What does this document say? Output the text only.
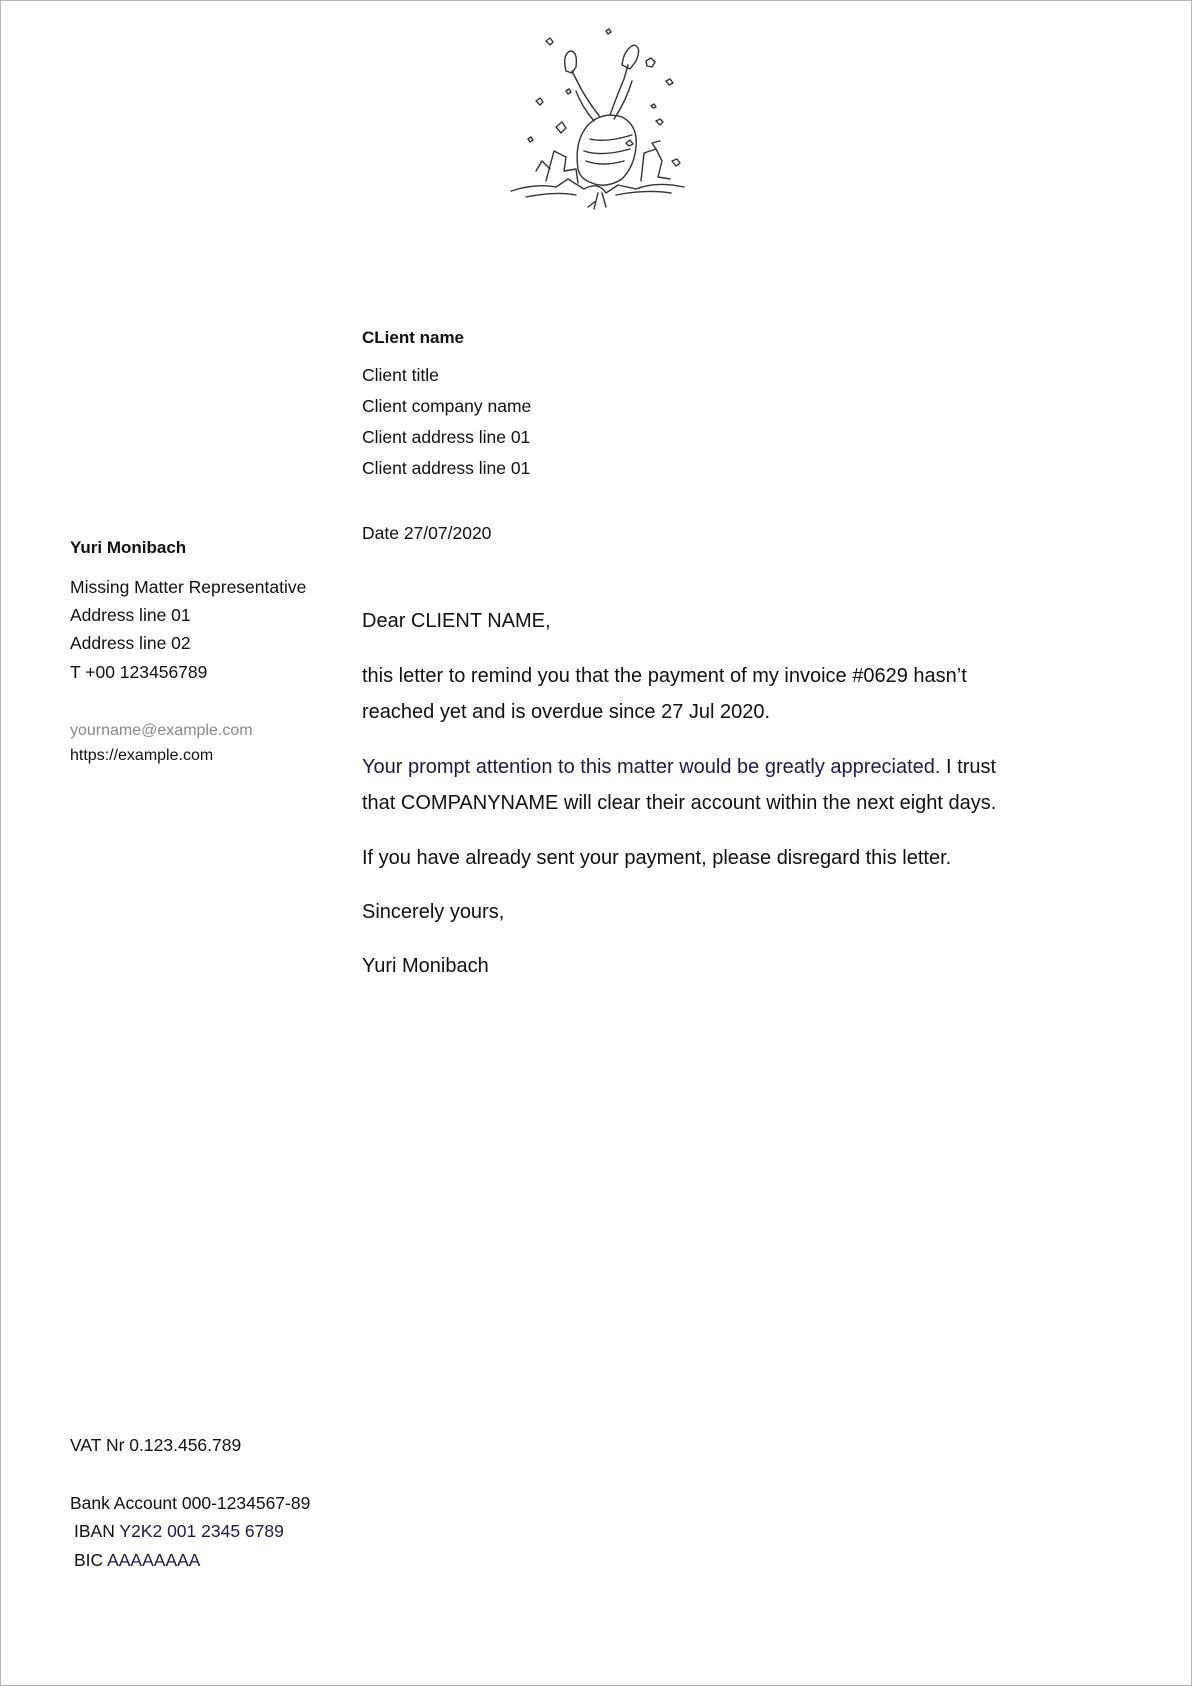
CLient name
Client title
Client company name
Client address line 01
Client address line 01
Date 27/07/2020
Yuri Monibach
Missing Matter Representative
Address line 01
Address line 02
T +00 123456789
yourname@example.com
https://example.com
Dear CLIENT NAME,
this letter to remind you that the payment of my invoice #0629 hasn’t
reached yet and is overdue since 27 Jul 2020.
Your prompt attention to this matter would be greatly appreciated. I trust
that COMPANYNAME will clear their account within the next eight days.
If you have already sent your payment, please disregard this letter.
Sincerely yours,
Yuri Monibach
VAT Nr 0.123.456.789
Bank Account 000-1234567-89
IBAN Y2K2 001 2345 6789
BIC AAAAAAAA
